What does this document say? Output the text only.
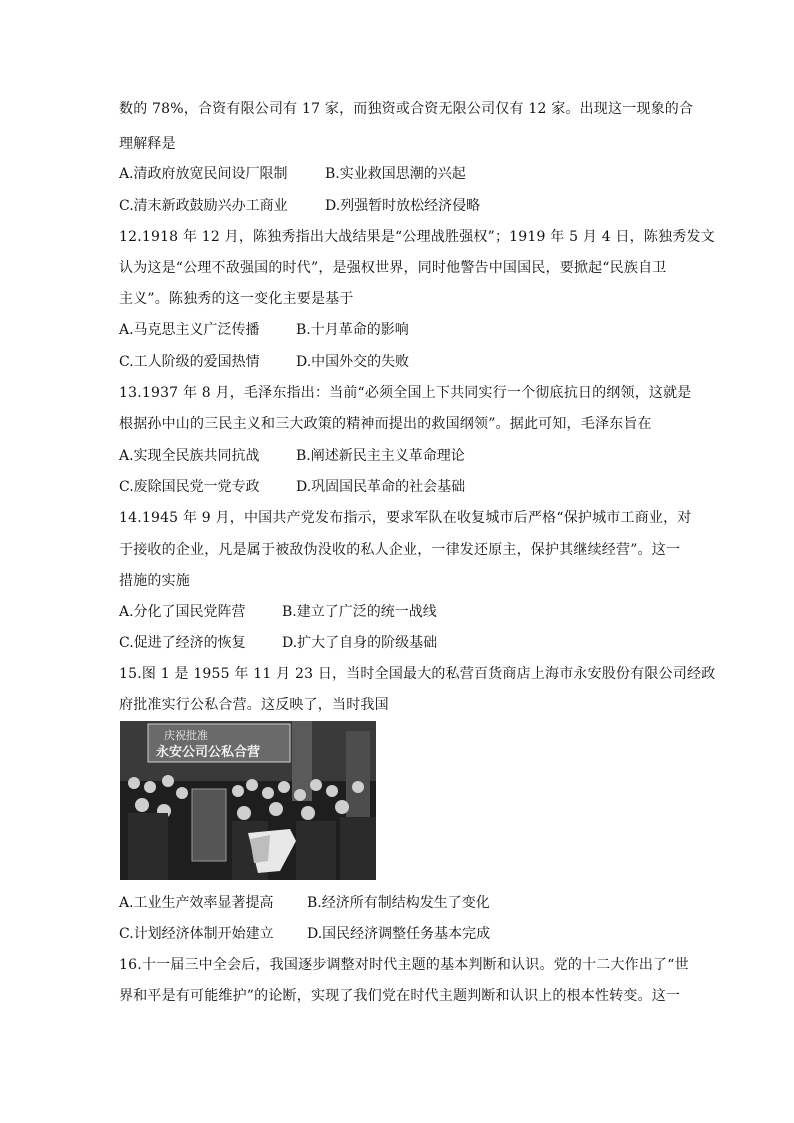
数的 78%，合资有限公司有 17 家，而独资或合资无限公司仅有 12 家。出现这一现象的合
理解释是
A.清政府放宽民间设厂限制	B.实业救国思潮的兴起
C.清末新政鼓励兴办工商业	D.列强暂时放松经济侵略
12.1918 年 12 月，陈独秀指出大战结果是“公理战胜强权”；1919 年 5 月 4 日，陈独秀发文
认为这是“公理不敌强国的时代”，是强权世界，同时他警告中国国民，要掀起“民族自卫
主义”。陈独秀的这一变化主要是基于
A.马克思主义广泛传播	B.十月革命的影响
C.工人阶级的爱国热情	D.中国外交的失败
13.1937 年 8 月，毛泽东指出：当前“必须全国上下共同实行一个彻底抗日的纲领，这就是
根据孙中山的三民主义和三大政策的精神而提出的救国纲领”。据此可知，毛泽东旨在
A.实现全民族共同抗战	B.阐述新民主主义革命理论
C.废除国民党一党专政	D.巩固国民革命的社会基础
14.1945 年 9 月，中国共产党发布指示，要求军队在收复城市后严格“保护城市工商业，对
于接收的企业，凡是属于被敌伪没收的私人企业，一律发还原主，保护其继续经营”。这一
措施的实施
A.分化了国民党阵营	B.建立了广泛的统一战线
C.促进了经济的恢复	D.扩大了自身的阶级基础
15.图 1 是 1955 年 11 月 23 日，当时全国最大的私营百货商店上海市永安股份有限公司经政
府批准实行公私合营。这反映了，当时我国
庆祝批准
永安公司公私合营
A.工业生产效率显著提高 B.经济所有制结构发生了变化
C.计划经济体制开始建立 D.国民经济调整任务基本完成
16.十一届三中全会后，我国逐步调整对时代主题的基本判断和认识。党的十二大作出了“世
界和平是有可能维护”的论断，实现了我们党在时代主题判断和认识上的根本性转变。这一
